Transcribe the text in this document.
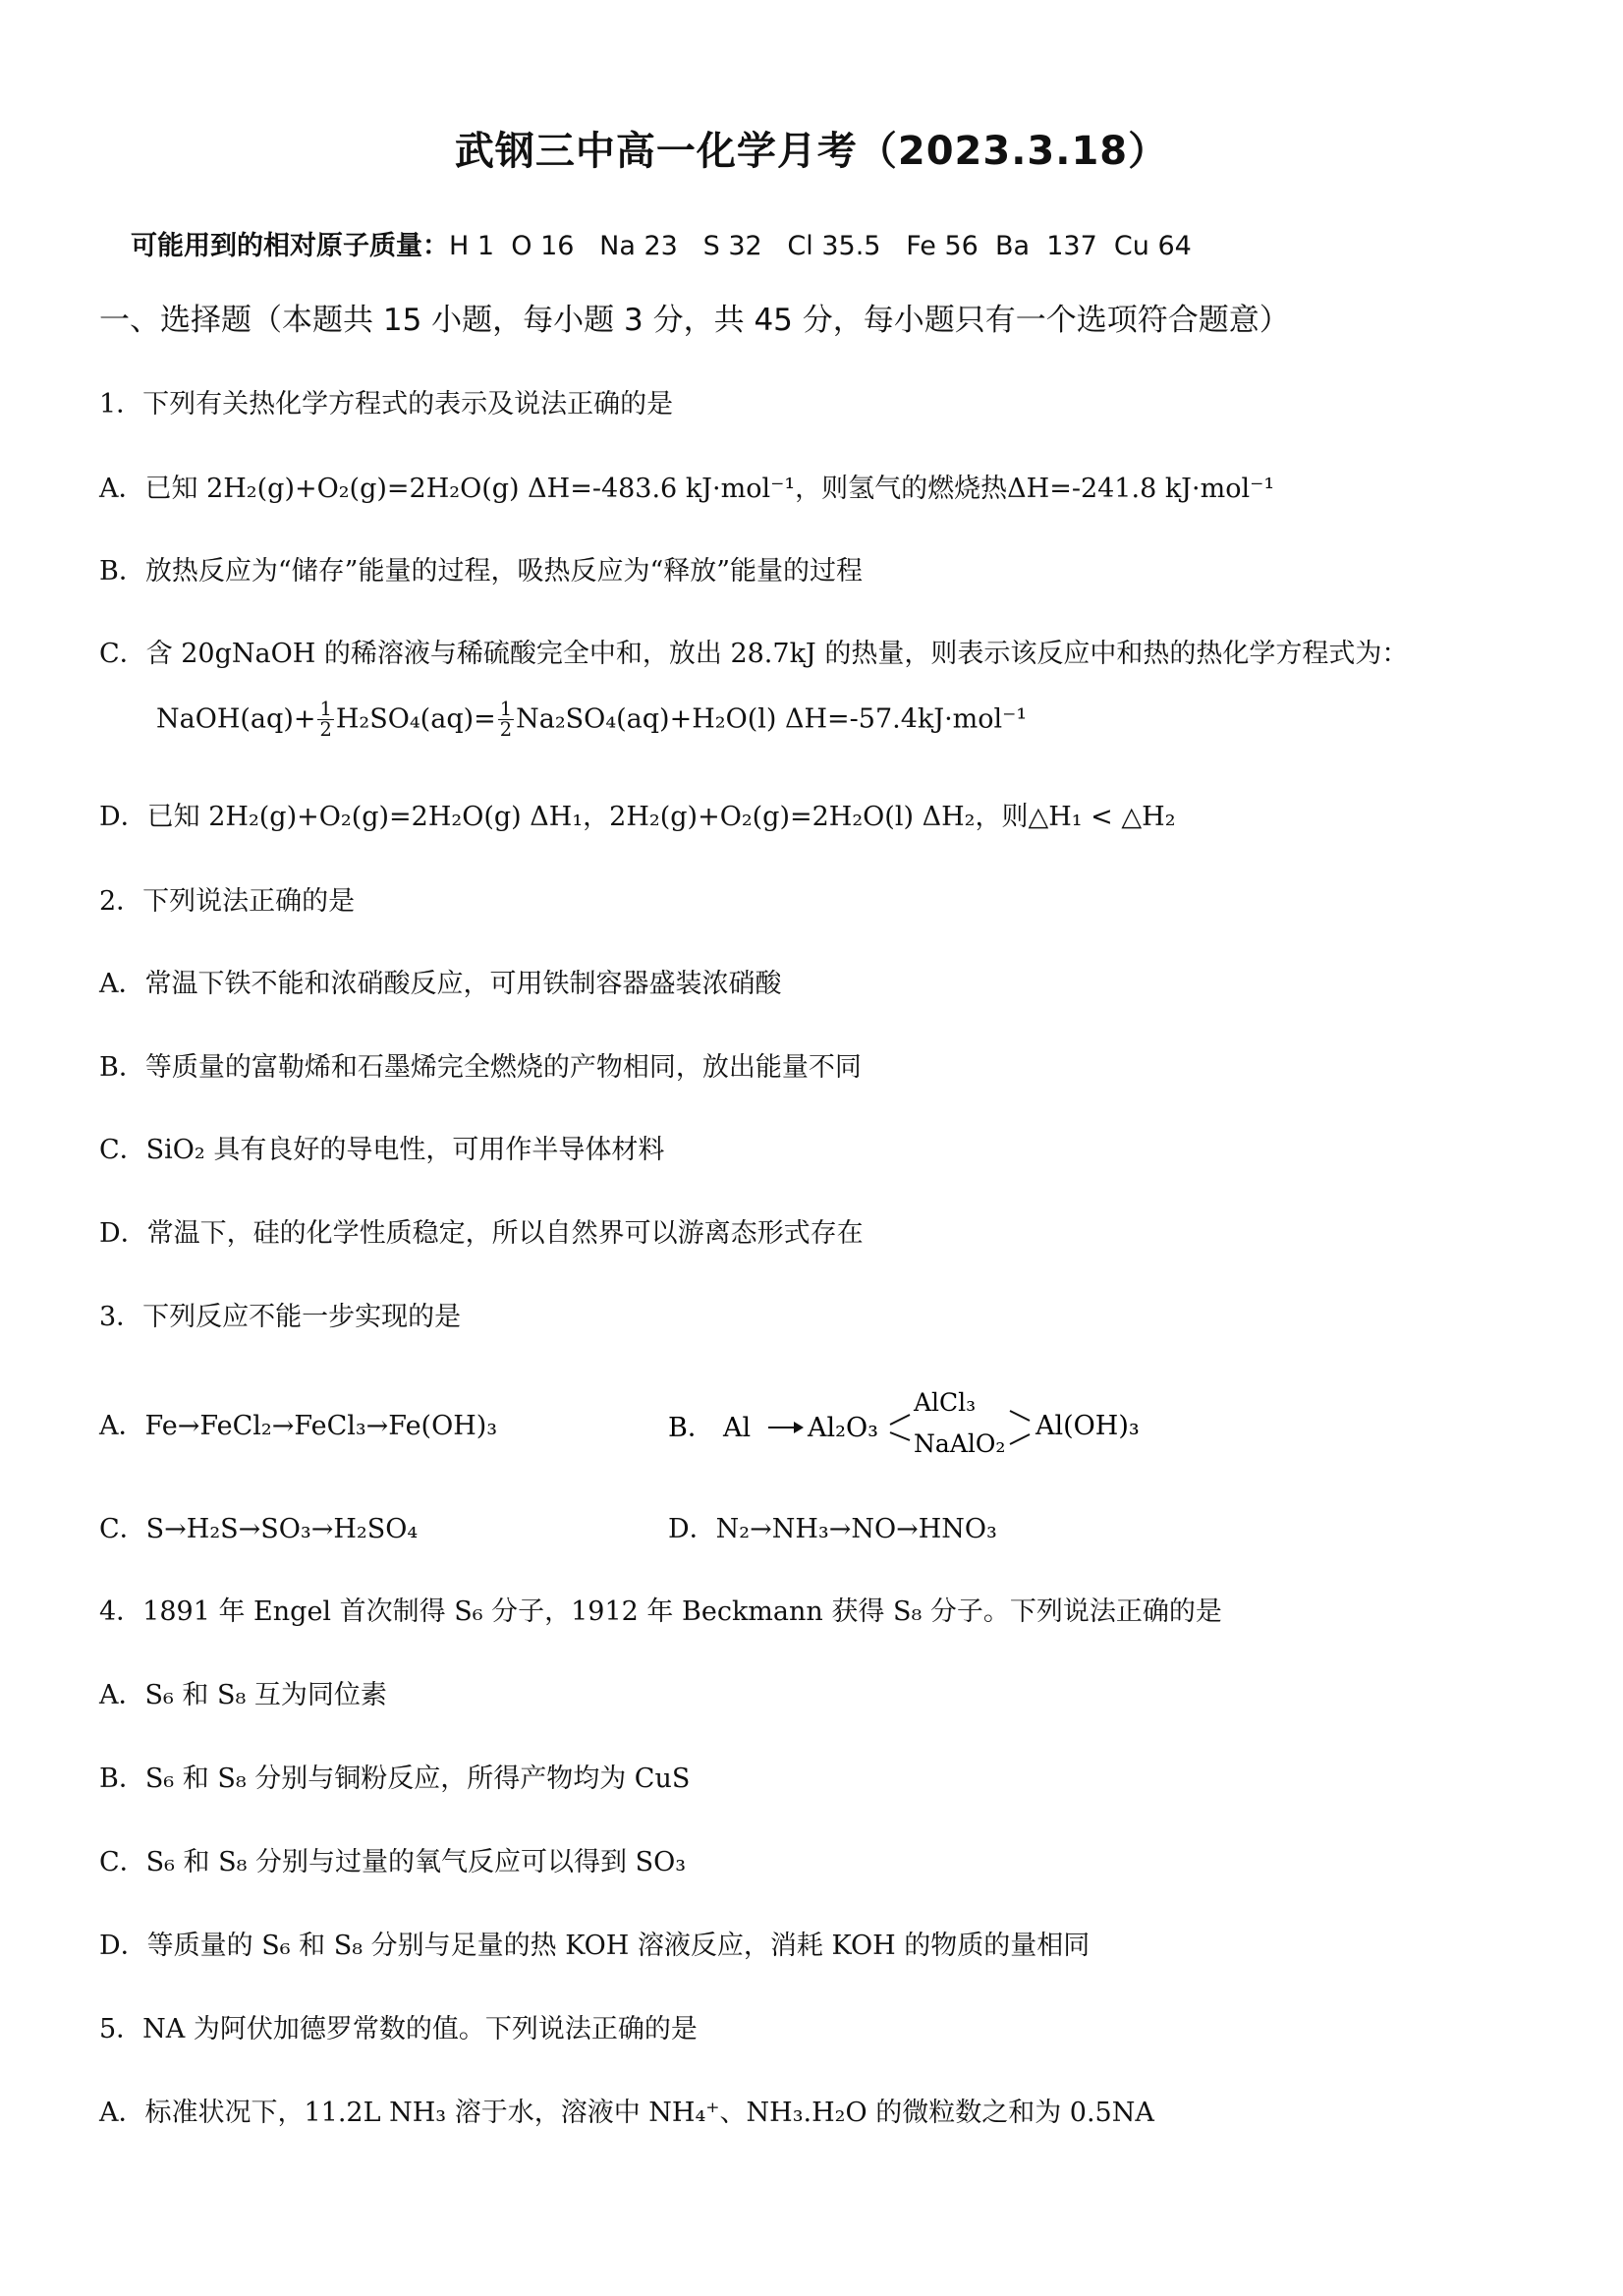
武钢三中高一化学月考（2023.3.18）
可能用到的相对原子质量：H 1  O 16   Na 23   S 32   Cl 35.5   Fe 56  Ba  137  Cu 64
一、选择题（本题共 15 小题，每小题 3 分，共 45 分，每小题只有一个选项符合题意）
1．下列有关热化学方程式的表示及说法正确的是
A．已知 2H₂(g)+O₂(g)=2H₂O(g) ΔH=-483.6 kJ·mol⁻¹，则氢气的燃烧热ΔH=-241.8 kJ·mol⁻¹
B．放热反应为“储存”能量的过程，吸热反应为“释放”能量的过程
C．含 20gNaOH 的稀溶液与稀硫酸完全中和，放出 28.7kJ 的热量，则表示该反应中和热的热化学方程式为：
NaOH(aq)+ $\frac{1}{2} H_2SO_4(aq)= \frac{1}{2} Na_2SO_4(aq)+H_2O(l)$ ΔH=-57.4kJ·mol⁻¹
D．已知 2H₂(g)+O₂(g)=2H₂O(g) ΔH₁，2H₂(g)+O₂(g)=2H₂O(l) ΔH₂，则△H₁ < △H₂
2．下列说法正确的是
A．常温下铁不能和浓硝酸反应，可用铁制容器盛装浓硝酸
B．等质量的富勒烯和石墨烯完全燃烧的产物相同，放出能量不同
C．SiO₂ 具有良好的导电性，可用作半导体材料
D．常温下，硅的化学性质稳定，所以自然界可以游离态形式存在
3．下列反应不能一步实现的是
A．Fe→FeCl₂→FeCl₃→Fe(OH)₃	B． Al Al₂O₃
AlCl₃
NaAlO₂
Al(OH)₃
C．S→H₂S→SO₃→H₂SO₄	D．N₂→NH₃→NO→HNO₃
4．1891 年 Engel 首次制得 S₆ 分子，1912 年 Beckmann 获得 S₈ 分子。下列说法正确的是
A．S₆ 和 S₈ 互为同位素
B．S₆ 和 S₈ 分别与铜粉反应，所得产物均为 CuS
C．S₆ 和 S₈ 分别与过量的氧气反应可以得到 SO₃
D．等质量的 S₆ 和 S₈ 分别与足量的热 KOH 溶液反应，消耗 KOH 的物质的量相同
5．NA 为阿伏加德罗常数的值。下列说法正确的是
A．标准状况下，11.2L NH₃ 溶于水，溶液中 NH₄⁺、NH₃.H₂O 的微粒数之和为 0.5NA
